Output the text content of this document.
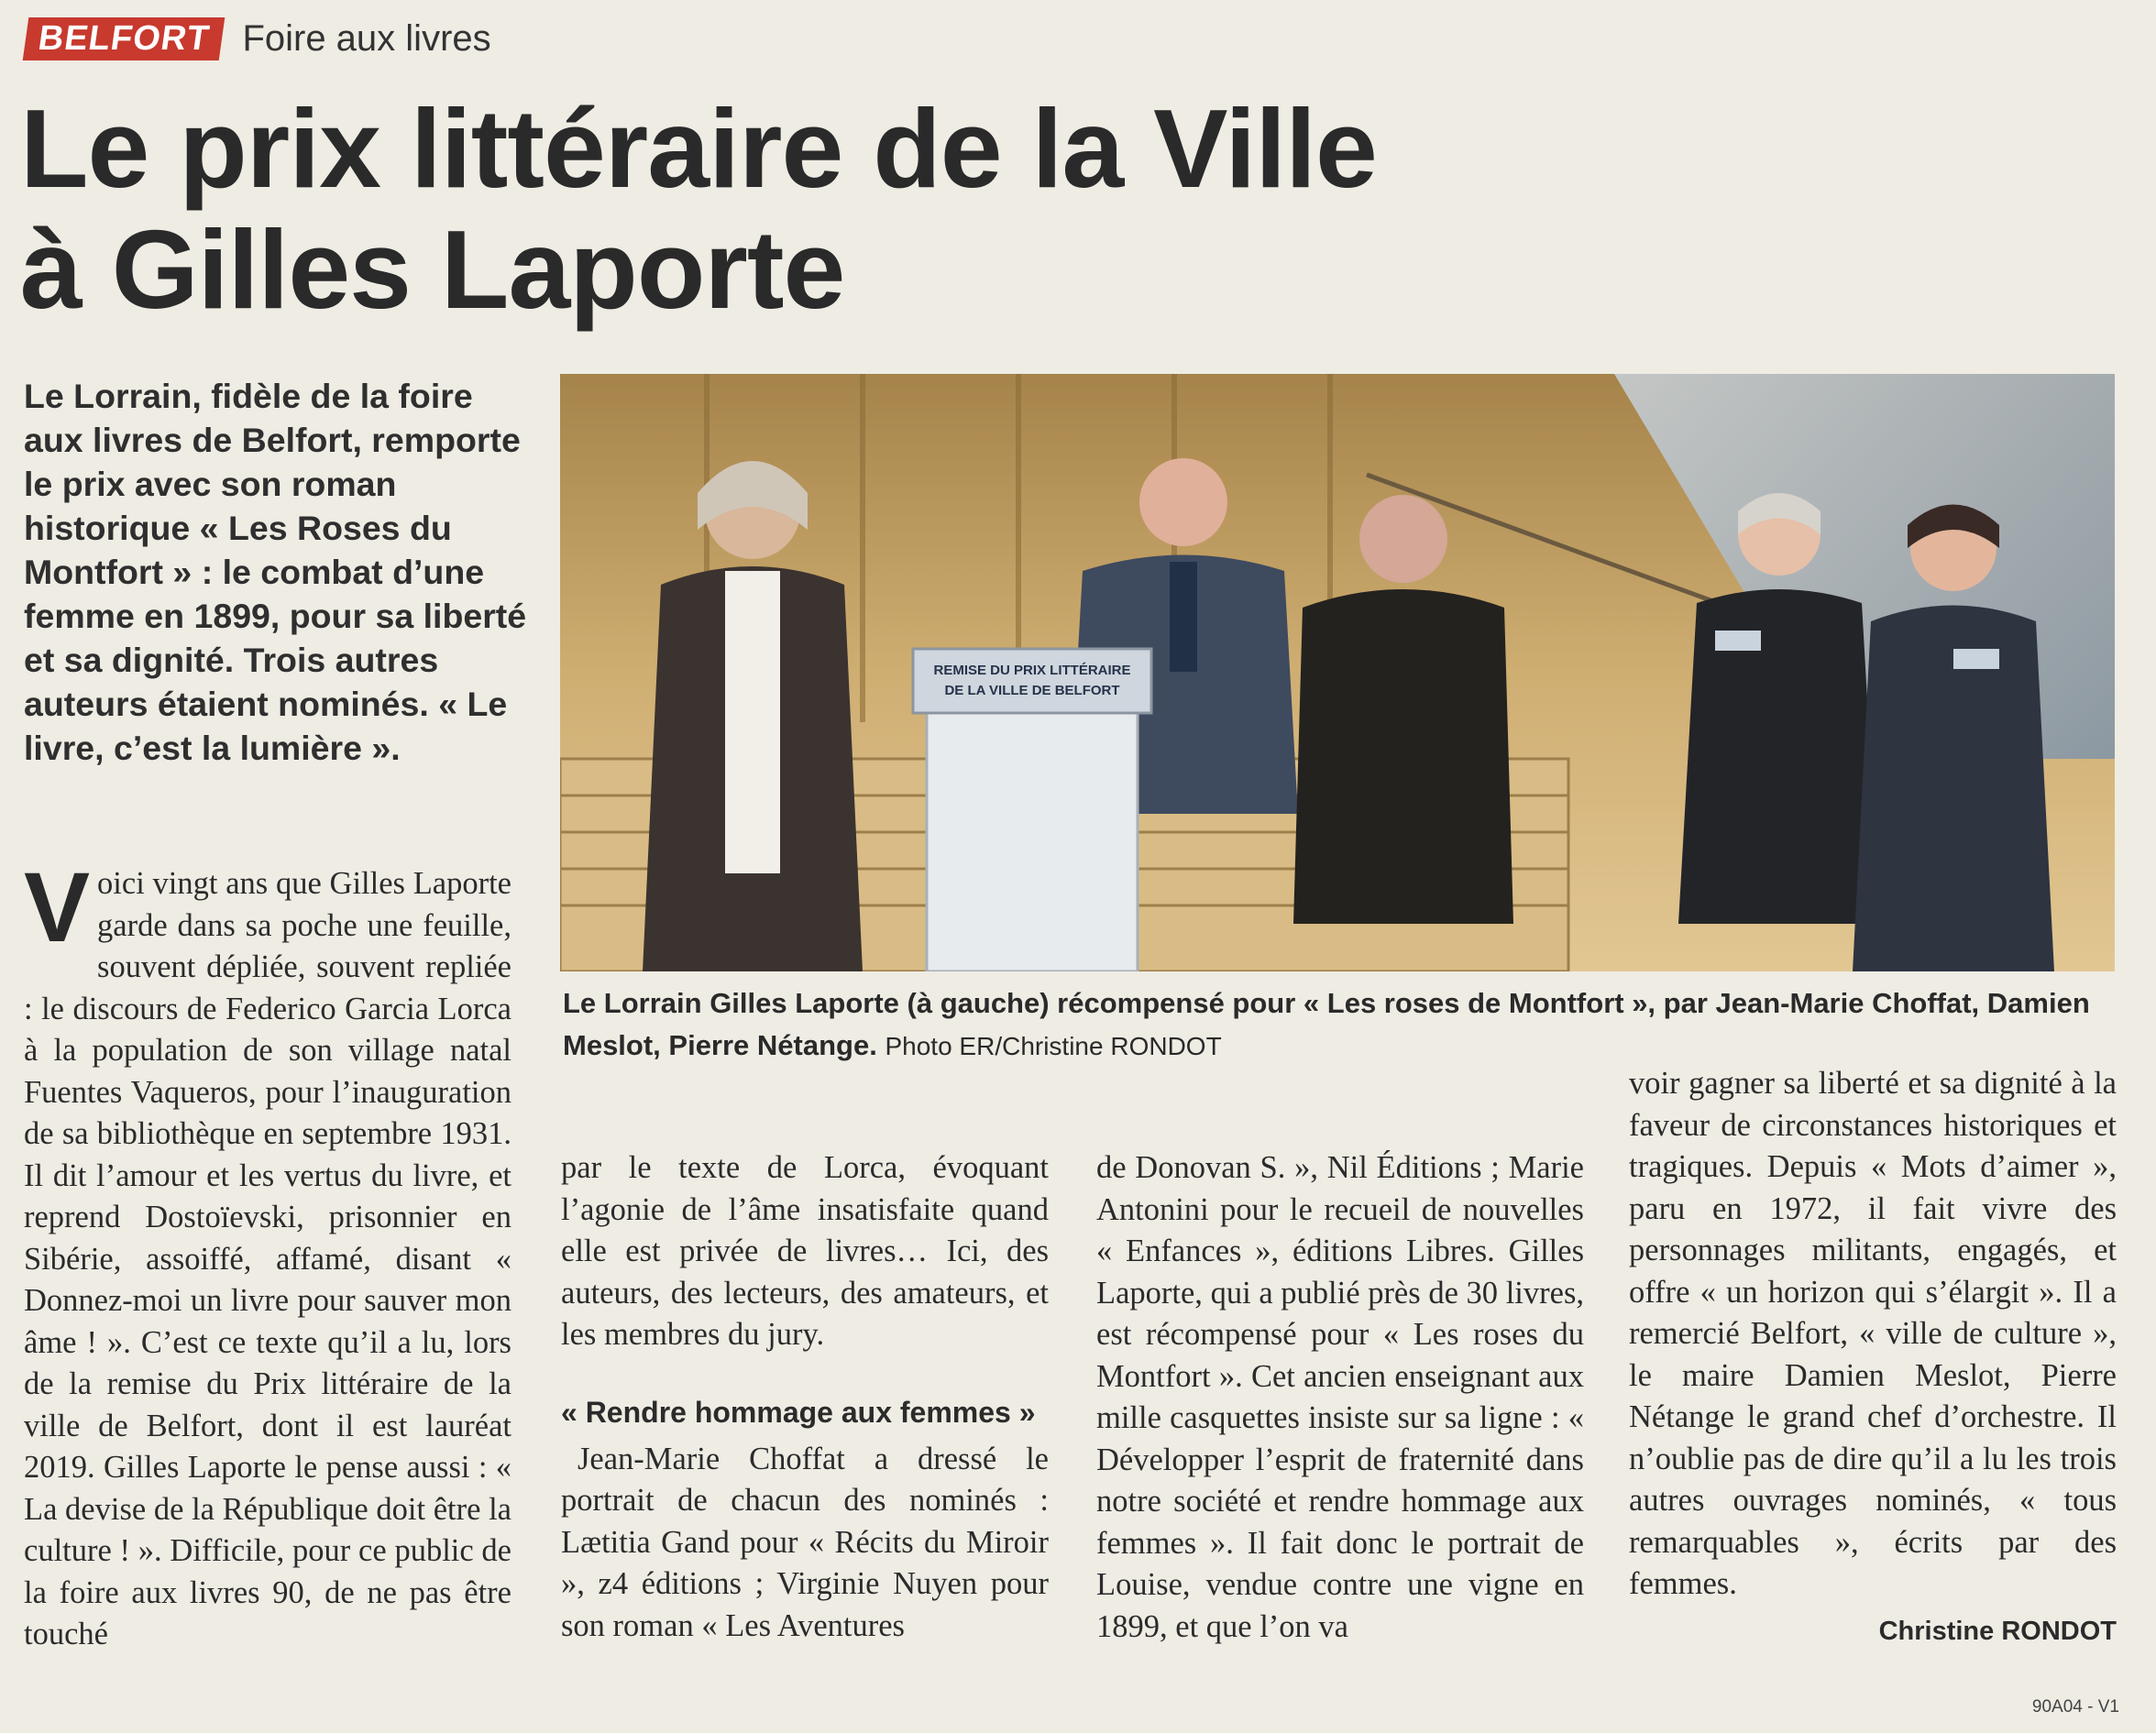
BELFORT Foire aux livres
Le prix littéraire de la Ville
à Gilles Laporte
Le Lorrain, fidèle de la foire aux livres de Belfort, remporte le prix avec son roman historique « Les Roses du Montfort » : le combat d’une femme en 1899, pour sa liberté et sa dignité. Trois autres auteurs étaient nominés. « Le livre, c’est la lumière ».
REMISE DU PRIX LITTÉRAIRE
DE LA VILLE DE BELFORT
Le Lorrain Gilles Laporte (à gauche) récompensé pour « Les roses de Montfort », par Jean-Marie Choffat, Damien Meslot, Pierre Nétange. Photo ER/Christine RONDOT

Voici vingt ans que Gilles Laporte garde dans sa poche une feuille, souvent dépliée, souvent repliée : le discours de Federico Garcia Lorca à la population de son village natal Fuentes Vaqueros, pour l’inauguration de sa bibliothèque en septembre 1931. Il dit l’amour et les vertus du livre, et reprend Dostoïevski, prisonnier en Sibérie, assoiffé, affamé, disant « Donnez-moi un livre pour sauver mon âme ! ». C’est ce texte qu’il a lu, lors de la remise du Prix littéraire de la ville de Belfort, dont il est lauréat 2019. Gilles Laporte le pense aussi : « La devise de la République doit être la culture ! ». Difficile, pour ce public de la foire aux livres 90, de ne pas être touché

par le texte de Lorca, évoquant l’agonie de l’âme insatisfaite quand elle est privée de livres… Ici, des auteurs, des lecteurs, des amateurs, et les membres du jury.

« Rendre hommage aux femmes »

Jean-Marie Choffat a dressé le portrait de chacun des nominés : Lætitia Gand pour « Récits du Miroir », z4 éditions ; Virginie Nuyen pour son roman « Les Aventures

de Donovan S. », Nil Éditions ; Marie Antonini pour le recueil de nouvelles « Enfances », éditions Libres. Gilles Laporte, qui a publié près de 30 livres, est récompensé pour « Les roses du Montfort ». Cet ancien enseignant aux mille casquettes insiste sur sa ligne : « Développer l’esprit de fraternité dans notre société et rendre hommage aux femmes ». Il fait donc le portrait de Louise, vendue contre une vigne en 1899, et que l’on va

voir gagner sa liberté et sa dignité à la faveur de circonstances historiques et tragiques. Depuis « Mots d’aimer », paru en 1972, il fait vivre des personnages militants, engagés, et offre « un horizon qui s’élargit ». Il a remercié Belfort, « ville de culture », le maire Damien Meslot, Pierre Nétange le grand chef d’orchestre. Il n’oublie pas de dire qu’il a lu les trois autres ouvrages nominés, « tous remarquables », écrits par des femmes.

Christine RONDOT

90A04 - V1
